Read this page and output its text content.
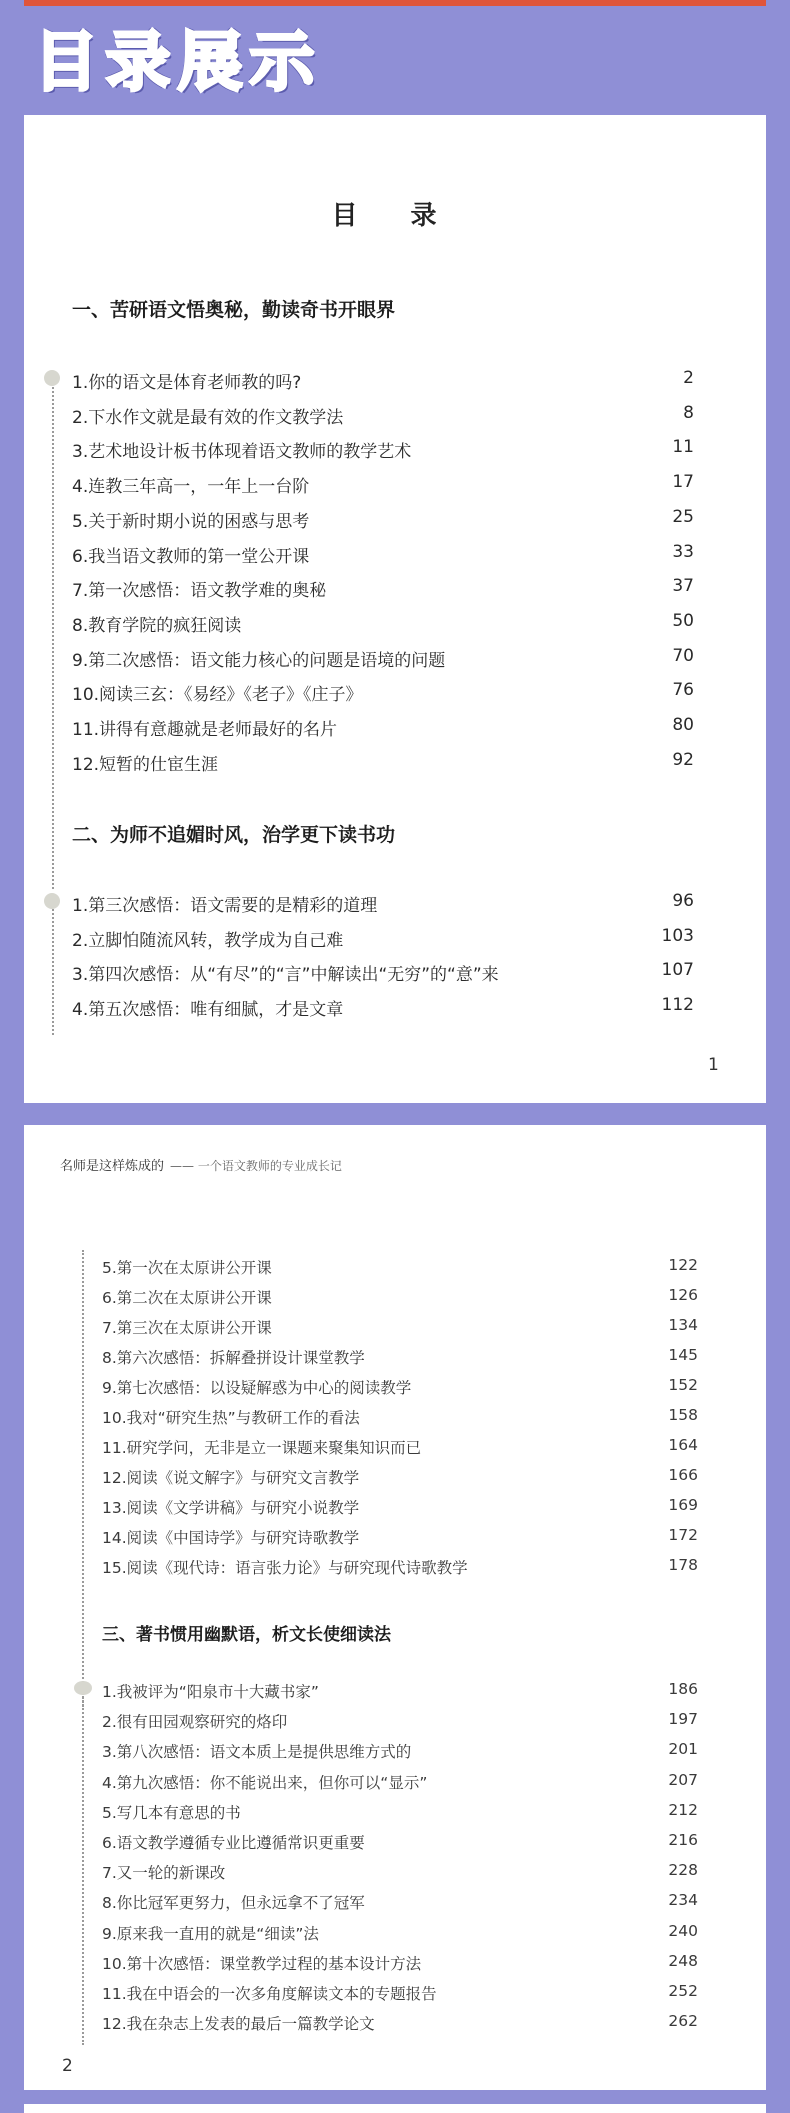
目录展示
目 录
一、苦研语文悟奥秘，勤读奇书开眼界
1.你的语文是体育老师教的吗?	2
2.下水作文就是最有效的作文教学法	8
3.艺术地设计板书体现着语文教师的教学艺术	11
4.连教三年高一，一年上一台阶	17
5.关于新时期小说的困惑与思考	25
6.我当语文教师的第一堂公开课	33
7.第一次感悟：语文教学难的奥秘	37
8.教育学院的疯狂阅读	50
9.第二次感悟：语文能力核心的问题是语境的问题	70
10.阅读三玄：《易经》《老子》《庄子》	76
11.讲得有意趣就是老师最好的名片	80
12.短暂的仕宦生涯	92
二、为师不追媚时风，治学更下读书功
1.第三次感悟：语文需要的是精彩的道理	96
2.立脚怕随流风转，教学成为自己难	103
3.第四次感悟：从“有尽”的“言”中解读出“无穷”的“意”来	107
4.第五次感悟：唯有细腻，才是文章	112
1
名师是这样炼成的 —— 一个语文教师的专业成长记
5.第一次在太原讲公开课	122
6.第二次在太原讲公开课	126
7.第三次在太原讲公开课	134
8.第六次感悟：拆解叠拼设计课堂教学	145
9.第七次感悟：以设疑解惑为中心的阅读教学	152
10.我对“研究生热”与教研工作的看法	158
11.研究学问，无非是立一课题来聚集知识而已	164
12.阅读《说文解字》与研究文言教学	166
13.阅读《文学讲稿》与研究小说教学	169
14.阅读《中国诗学》与研究诗歌教学	172
15.阅读《现代诗：语言张力论》与研究现代诗歌教学	178
三、著书惯用幽默语，析文长使细读法
1.我被评为“阳泉市十大藏书家”	186
2.很有田园观察研究的烙印	197
3.第八次感悟：语文本质上是提供思维方式的	201
4.第九次感悟：你不能说出来，但你可以“显示”	207
5.写几本有意思的书	212
6.语文教学遵循专业比遵循常识更重要	216
7.又一轮的新课改	228
8.你比冠军更努力，但永远拿不了冠军	234
9.原来我一直用的就是“细读”法	240
10.第十次感悟：课堂教学过程的基本设计方法	248
11.我在中语会的一次多角度解读文本的专题报告	252
12.我在杂志上发表的最后一篇教学论文	262
2
